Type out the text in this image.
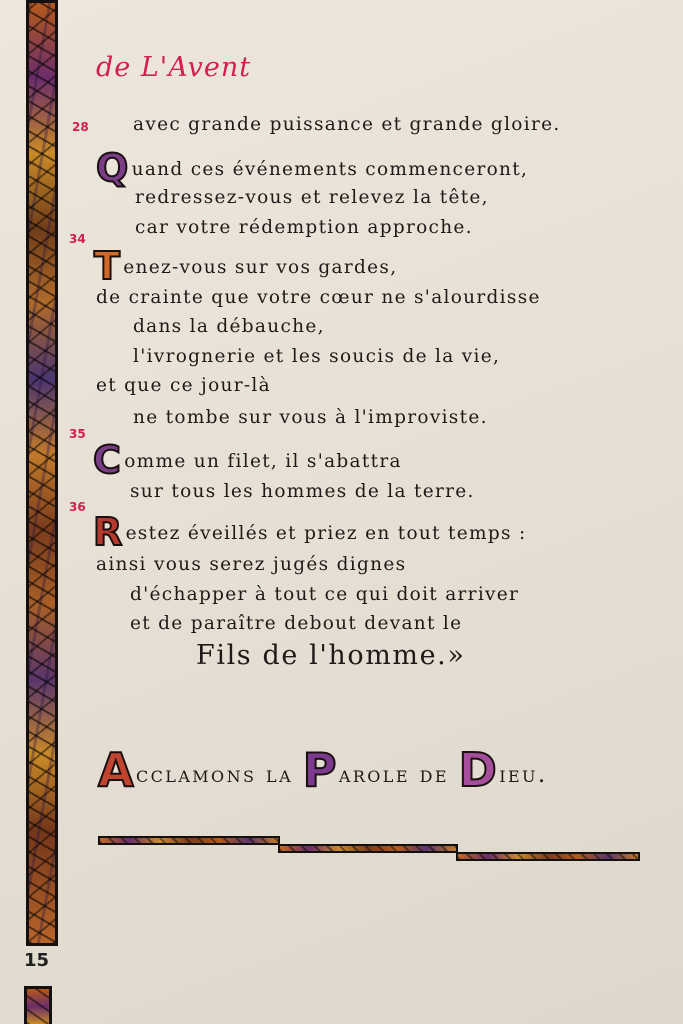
15
de L'Avent
28
34
35
36
avec grande puissance et grande gloire.
Quand ces événements commenceront,
redressez-vous et relevez la tête,
car votre rédemption approche.
Tenez-vous sur vos gardes,
de crainte que votre cœur ne s'alourdisse
dans la débauche,
l'ivrognerie et les soucis de la vie,
et que ce jour-là
ne tombe sur vous à l'improviste.
Comme un filet, il s'abattra
sur tous les hommes de la terre.
Restez éveillés et priez en tout temps :
ainsi vous serez jugés dignes
d'échapper à tout ce qui doit arriver
et de paraître debout devant le
Fils de l'homme.»
Acclamons la Parole de Dieu.
